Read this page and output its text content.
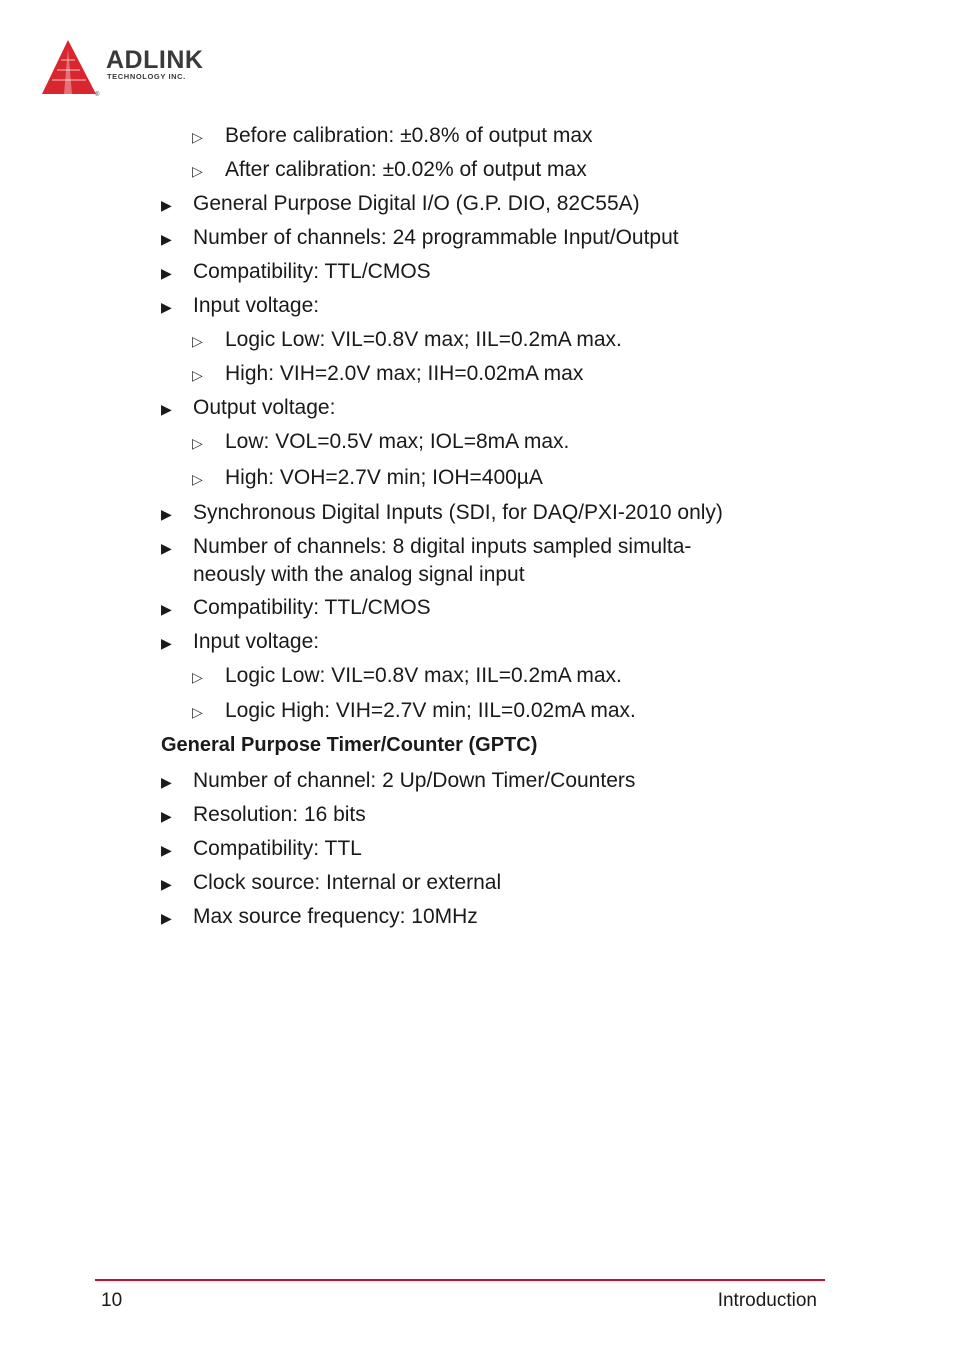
ADLINK
TECHNOLOGY INC.
®
▷ Before calibration: ±0.8% of output max
▷ After calibration: ±0.02% of output max
▶ General Purpose Digital I/O (G.P. DIO, 82C55A)
▶ Number of channels: 24 programmable Input/Output
▶ Compatibility: TTL/CMOS
▶ Input voltage:
▷ Logic Low: VIL=0.8V max; IIL=0.2mA max.
▷ High: VIH=2.0V max; IIH=0.02mA max
▶ Output voltage:
▷ Low: VOL=0.5V max; IOL=8mA max.
▷ High: VOH=2.7V min; IOH=400µA
▶ Synchronous Digital Inputs (SDI, for DAQ/PXI-2010 only)
▶ Number of channels: 8 digital inputs sampled simulta-
neously with the analog signal input
▶ Compatibility: TTL/CMOS
▶ Input voltage:
▷ Logic Low: VIL=0.8V max; IIL=0.2mA max.
▷ Logic High: VIH=2.7V min; IIL=0.02mA max.
General Purpose Timer/Counter (GPTC)
▶ Number of channel: 2 Up/Down Timer/Counters
▶ Resolution: 16 bits
▶ Compatibility: TTL
▶ Clock source: Internal or external
▶ Max source frequency: 10MHz
10	Introduction
